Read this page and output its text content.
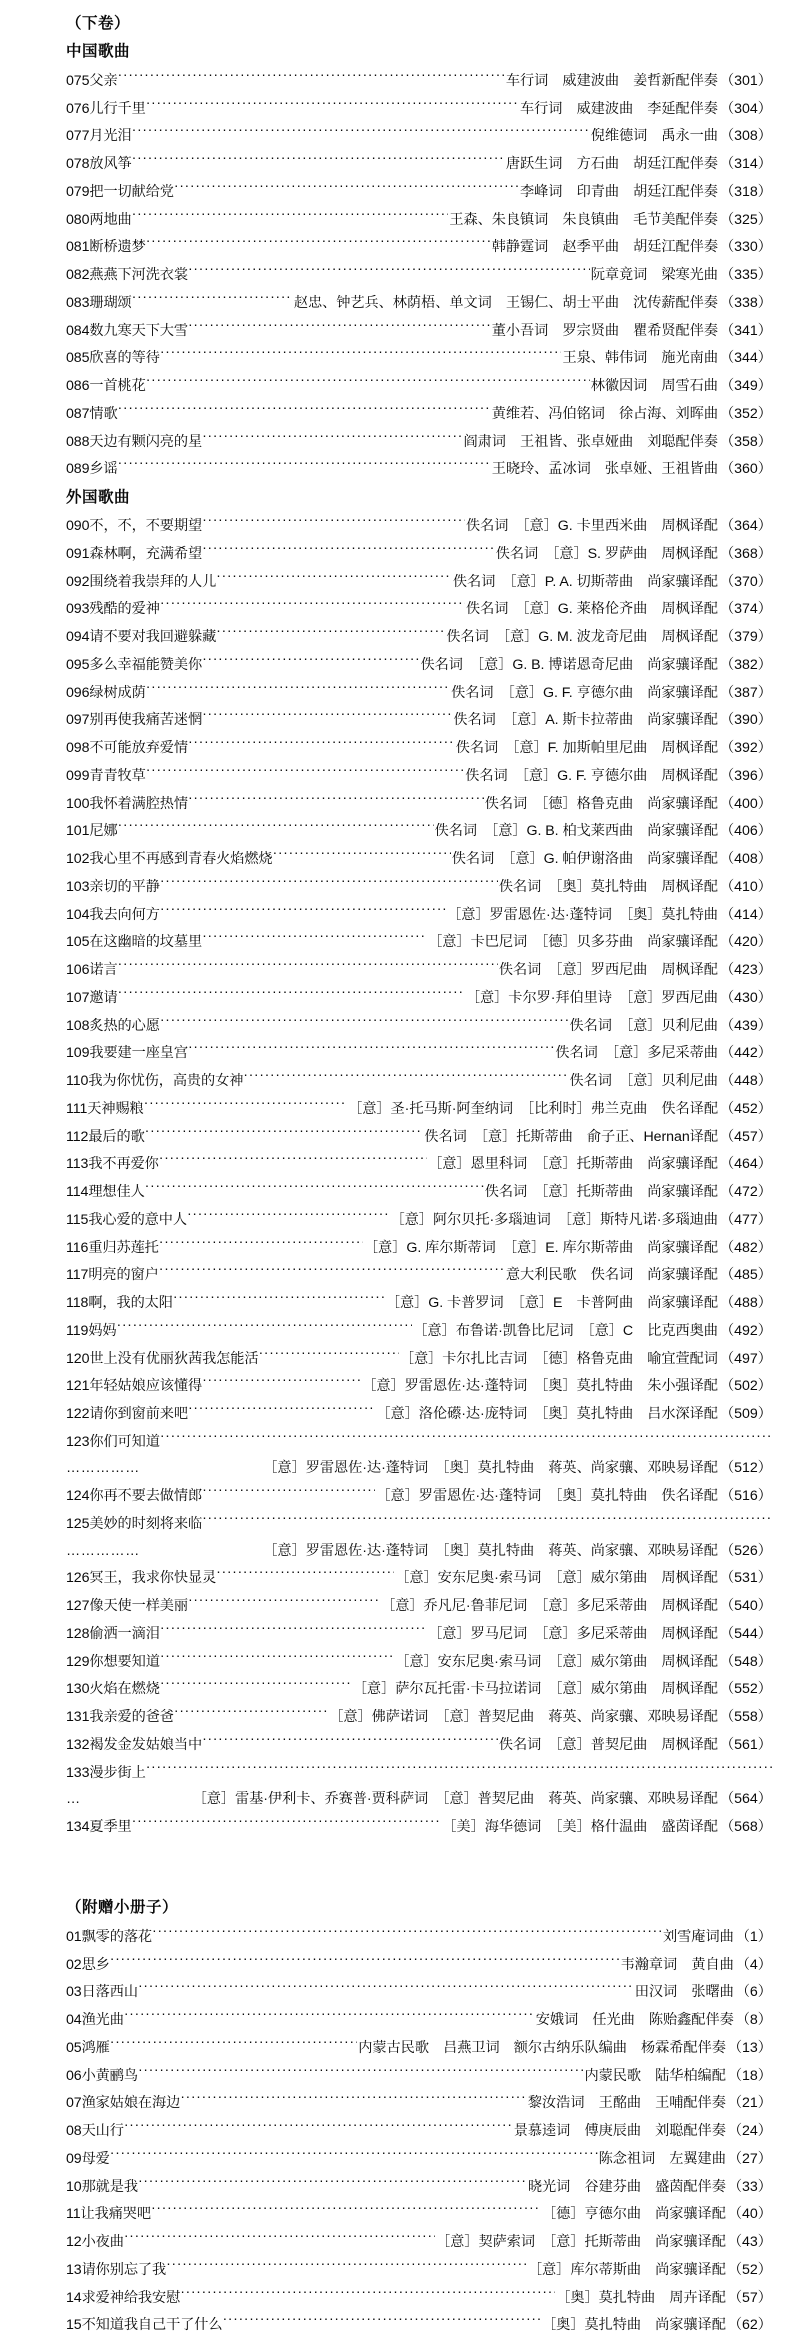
（下卷）
中国歌曲
075父亲 ·····	车行词　威建波曲　姜哲新配伴奏 （301）
076儿行千里 ·····	车行词　威建波曲　李延配伴奏 （304）
077月光泪 ·····	倪维德词　禹永一曲 （308）
078放风筝 ·····	唐跃生词　方石曲　胡廷江配伴奏 （314）
079把一切献给党 ·····	李峰词　印青曲　胡廷江配伴奏 （318）
080两地曲 ·····	王森、朱良镇词　朱良镇曲　毛节美配伴奏 （325）
081断桥遗梦 ·····	韩静霆词　赵季平曲　胡廷江配伴奏 （330）
082燕燕下河洗衣裳 ·····	阮章竟词　梁寒光曲 （335）
083珊瑚颂 ·····	赵忠、钟艺兵、林荫梧、单文词　王锡仁、胡士平曲　沈传薪配伴奏 （338）
084数九寒天下大雪 ·····	董小吾词　罗宗贤曲　瞿希贤配伴奏 （341）
085欣喜的等待 ·····	王泉、韩伟词　施光南曲 （344）
086一首桃花 ·····	林徽因词　周雪石曲 （349）
087情歌 ·····	黄维若、冯伯铭词　徐占海、刘晖曲 （352）
088天边有颗闪亮的星 ·····	阎肃词　王祖皆、张卓娅曲　刘聪配伴奏 （358）
089乡谣 ·····	王晓玲、孟冰词　张卓娅、王祖皆曲 （360）
外国歌曲
090不，不，不要期望 ·····	佚名词　［意］G. 卡里西米曲　周枫译配 （364）
091森林啊，充满希望 ·····	佚名词　［意］S. 罗萨曲　周枫译配 （368）
092围绕着我崇拜的人儿 ·····	佚名词　［意］P. A. 切斯蒂曲　尚家骧译配 （370）
093残酷的爱神 ·····	佚名词　［意］G. 莱格伦齐曲　周枫译配 （374）
094请不要对我回避躲藏 ·····	佚名词　［意］G. M. 波龙奇尼曲　周枫译配 （379）
095多么幸福能赞美你 ·····	佚名词　［意］G. B. 博诺恩奇尼曲　尚家骧译配 （382）
096绿树成荫 ·····	佚名词　［意］G. F. 亨德尔曲　尚家骧译配 （387）
097别再使我痛苦迷惘 ·····	佚名词　［意］A. 斯卡拉蒂曲　尚家骧译配 （390）
098不可能放弃爱情 ·····	佚名词　［意］F. 加斯帕里尼曲　周枫译配 （392）
099青青牧草 ·····	佚名词　［意］G. F. 亨德尔曲　周枫译配 （396）
100我怀着满腔热情 ·····	佚名词　［德］格鲁克曲　尚家骧译配 （400）
101尼娜 ·····	佚名词　［意］G. B. 柏戈莱西曲　尚家骧译配 （406）
102我心里不再感到青春火焰燃烧 ·····	佚名词　［意］G. 帕伊谢洛曲　尚家骧译配 （408）
103亲切的平静 ·····	佚名词　［奥］莫扎特曲　周枫译配 （410）
104我去向何方 ·····	［意］罗雷恩佐·达·蓬特词　［奥］莫扎特曲 （414）
105在这幽暗的坟墓里 ·····	［意］卡巴尼词　［德］贝多芬曲　尚家骧译配 （420）
106诺言 ·····	佚名词　［意］罗西尼曲　周枫译配 （423）
107邀请 ·····	［意］卡尔罗·拜伯里诗　［意］罗西尼曲 （430）
108炙热的心愿 ·····	佚名词　［意］贝利尼曲 （439）
109我要建一座皇宫 ·····	佚名词　［意］多尼采蒂曲 （442）
110我为你忧伤，高贵的女神 ·····	佚名词　［意］贝利尼曲 （448）
111天神赐粮 ·····	［意］圣·托马斯·阿奎纳词　［比利时］弗兰克曲　佚名译配 （452）
112最后的歌 ·····	佚名词　［意］托斯蒂曲　俞子正、Hernan译配 （457）
113我不再爱你 ·····	［意］恩里科词　［意］托斯蒂曲　尚家骧译配 （464）
114理想佳人 ·····	佚名词　［意］托斯蒂曲　尚家骧译配 （472）
115我心爱的意中人 ·····	［意］阿尔贝托·多瑙迪词　［意］斯特凡诺·多瑙迪曲 （477）
116重归苏莲托 ·····	［意］G. 库尔斯蒂词　［意］E. 库尔斯蒂曲　尚家骧译配 （482）
117明亮的窗户 ·····	意大利民歌　佚名词　尚家骧译配 （485）
118啊，我的太阳 ·····	［意］G. 卡普罗词　［意］E　卡普阿曲　尚家骧译配 （488）
119妈妈 ·····	［意］布鲁诺·凯鲁比尼词　［意］C　比克西奥曲 （492）
120世上没有优丽狄茜我怎能活 ·····	［意］卡尔扎比吉词　［德］格鲁克曲　喻宜萱配词 （497）
121年轻姑娘应该懂得 ·····	［意］罗雷恩佐·达·蓬特词　［奥］莫扎特曲　朱小强译配 （502）
122请你到窗前来吧 ·····	［意］洛伦礤·达·庞特词　［奥］莫扎特曲　吕水深译配 （509）
123你们可知道
·····
……………	［意］罗雷恩佐·达·蓬特词　［奥］莫扎特曲　蒋英、尚家骧、邓映易译配 （512）
124你再不要去做情郎 ·····	［意］罗雷恩佐·达·蓬特词　［奥］莫扎特曲　佚名译配 （516）
125美妙的时刻将来临
·····
……………	［意］罗雷恩佐·达·蓬特词　［奥］莫扎特曲　蒋英、尚家骧、邓映易译配 （526）
126冥王，我求你快显灵 ·····	［意］安东尼奥·索马词　［意］威尔第曲　周枫译配 （531）
127像天使一样美丽 ·····	［意］乔凡尼·鲁菲尼词　［意］多尼采蒂曲　周枫译配 （540）
128偷洒一滴泪 ·····	［意］罗马尼词　［意］多尼采蒂曲　周枫译配 （544）
129你想要知道 ·····	［意］安东尼奥·索马词　［意］威尔第曲　周枫译配 （548）
130火焰在燃烧 ·····	［意］萨尔瓦托雷·卡马拉诺词　［意］威尔第曲　周枫译配 （552）
131我亲爱的爸爸 ·····	［意］佛萨诺词　［意］普契尼曲　蒋英、尚家骧、邓映易译配 （558）
132褐发金发姑娘当中 ·····	佚名词　［意］普契尼曲　周枫译配 （561）
133漫步街上
·····
…	［意］雷基·伊利卡、乔赛普·贾科萨词　［意］普契尼曲　蒋英、尚家骧、邓映易译配 （564）
134夏季里 ·····	［美］海华德词　［美］格什温曲　盛茵译配 （568）
（附赠小册子）
01飘零的落花 ·····	刘雪庵词曲 （1）
02思乡 ·····	韦瀚章词　黄自曲 （4）
03日落西山 ·····	田汉词　张曙曲 （6）
04渔光曲 ·····	安娥词　任光曲　陈贻鑫配伴奏 （8）
05鸿雁 ·····	内蒙古民歌　吕燕卫词　额尔古纳乐队编曲　杨霖希配伴奏 （13）
06小黄鹂鸟 ·····	内蒙民歌　陆华柏编配 （18）
07渔家姑娘在海边 ·····	黎汝浩词　王酩曲　王哺配伴奏 （21）
08天山行 ·····	景慕逵词　傅庚辰曲　刘聪配伴奏 （24）
09母爱 ·····	陈念祖词　左翼建曲 （27）
10那就是我 ·····	晓光词　谷建芬曲　盛茵配伴奏 （33）
11让我痛哭吧 ·····	［德］亨德尔曲　尚家骧译配 （40）
12小夜曲 ·····	［意］契萨索词　［意］托斯蒂曲　尚家骧译配 （43）
13请你别忘了我 ·····	［意］库尔蒂斯曲　尚家骧译配 （52）
14求爱神给我安慰 ·····	［奥］莫扎特曲　周卉译配 （57）
15不知道我自己干了什么 ·····	［奥］莫扎特曲　尚家骧译配 （62）
